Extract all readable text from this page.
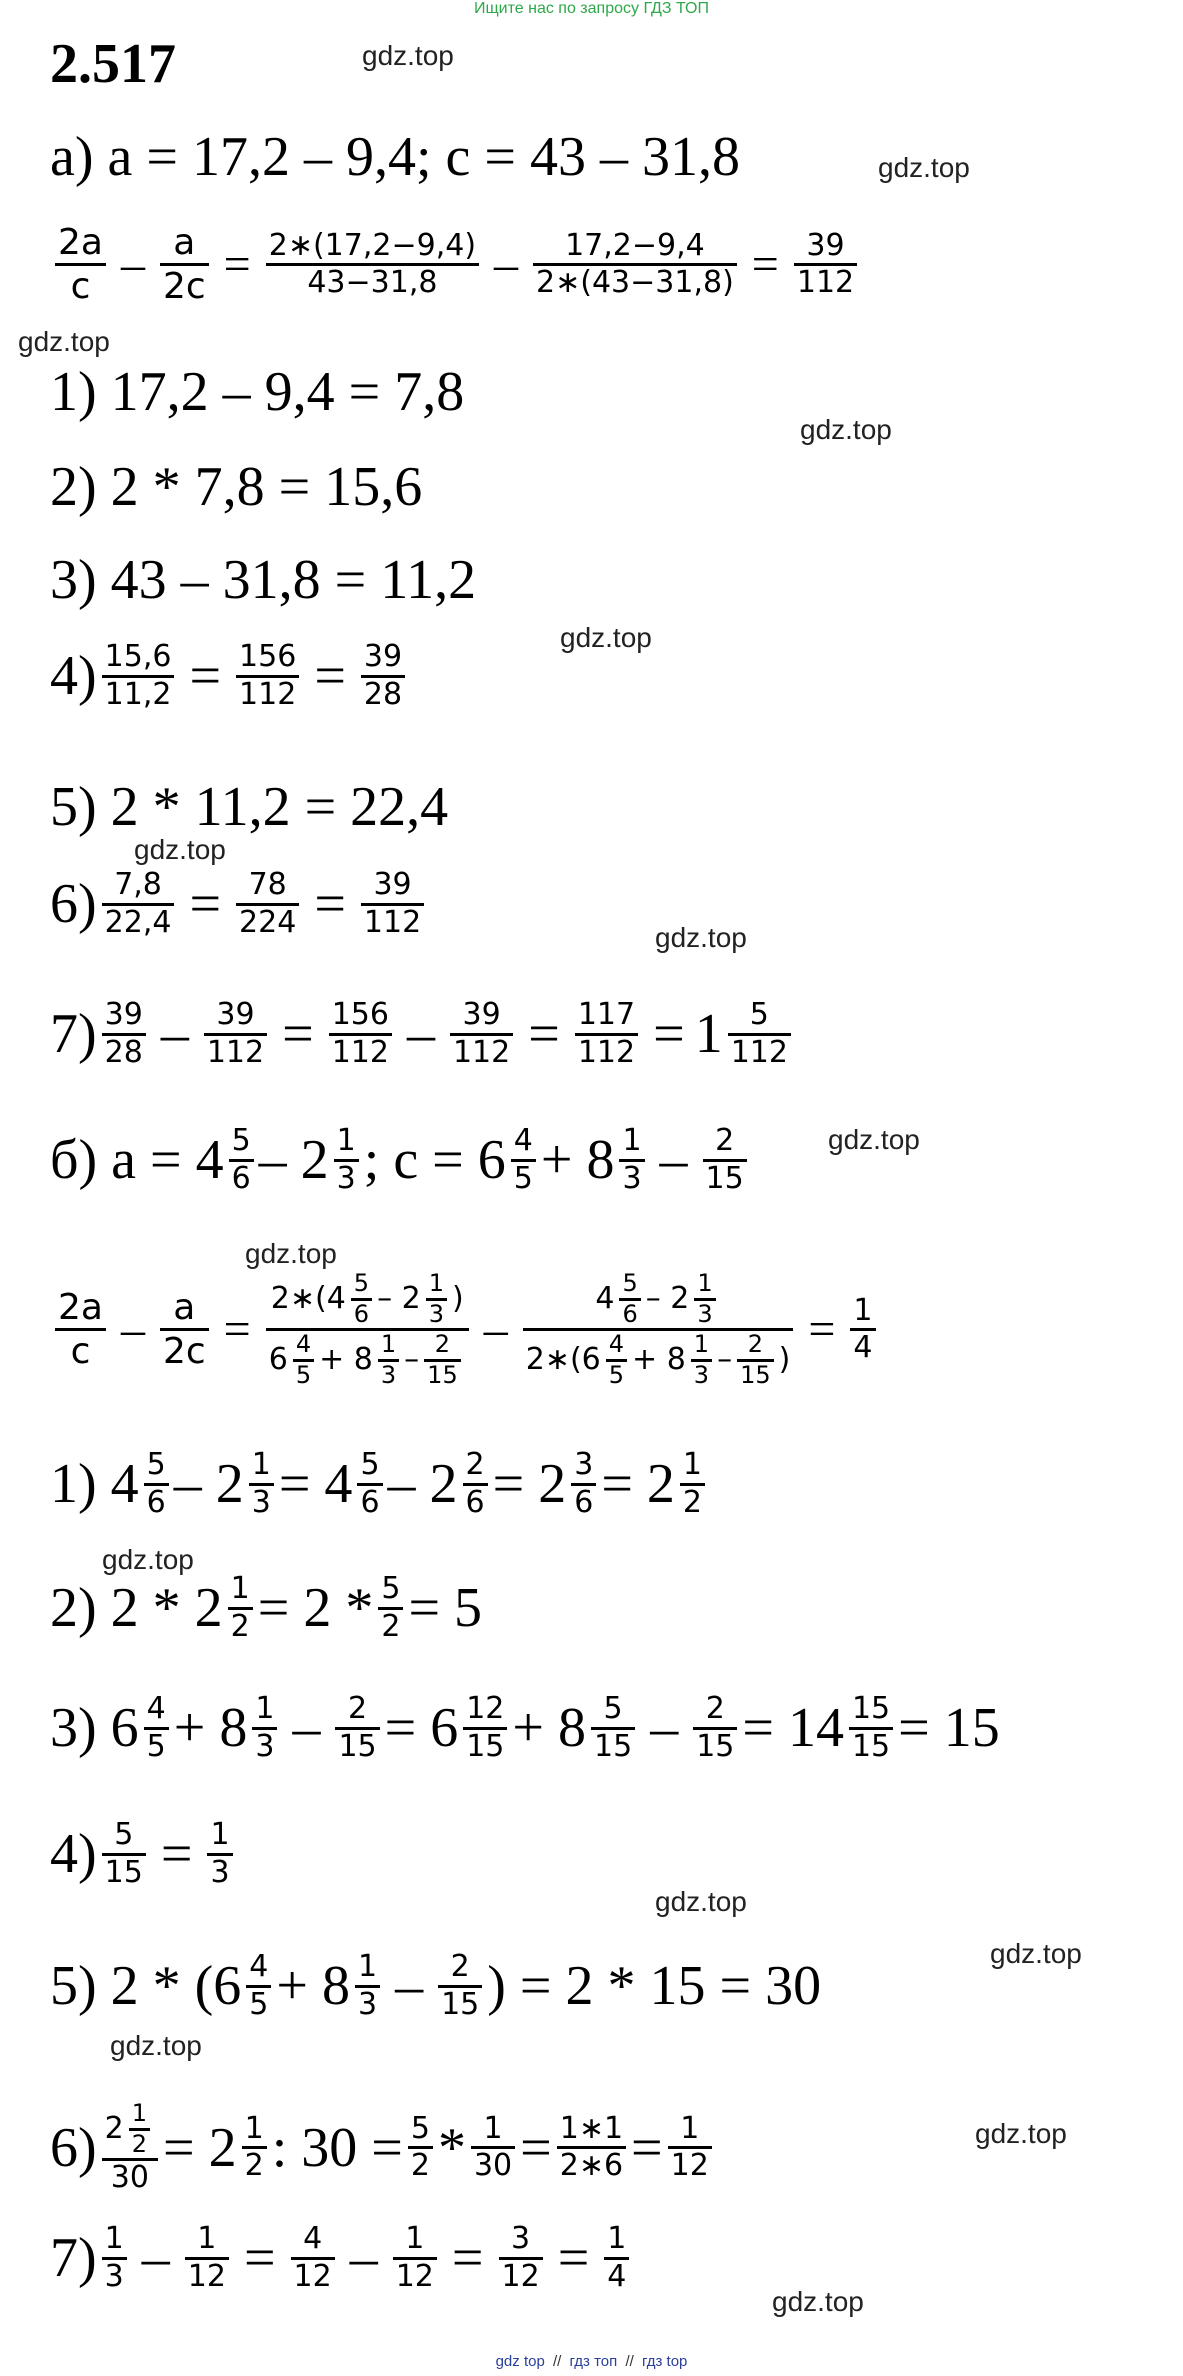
Ищите нас по запросу ГДЗ ТОП
2.517	gdz.top
gdz.top
gdz.top
gdz.top
gdz.top
gdz.top
gdz.top
gdz.top
gdz.top
gdz.top
gdz.top
gdz.top
gdz.top
gdz.top
gdz.top
а)
a = 17,2 – 9,4; c = 43 – 31,8
$\frac{2a}{c} - \frac{a}{2c} = \frac{2∗(17,2-9,4)}{43-31,8} - \frac{17,2-9,4}{2∗(43-31,8)} = \frac{39}{112}$
1) 17,2 – 9,4 = 7,8
2) 2 * 7,8 = 15,6
3) 43 – 31,8 = 11,2
$4) \frac{15,6}{11,2} = \frac{156}{112} = \frac{39}{28}$
5) 2 * 11,2 = 22,4
$6) \frac{7,8}{22,4} = \frac{78}{224} = \frac{39}{112}$
$7) \frac{39}{28} - \frac{39}{112} = \frac{156}{112} - \frac{39}{112} = \frac{117}{112} = 1 \frac{5}{112}$
б)
$a = 4 \frac{5}{6} - 2 \frac{1}{3}$ ; $c = 6 \frac{4}{5} + 8 \frac{1}{3} - \frac{2}{15}$
$\frac{2a}{c} - \frac{a}{2c} = \frac{2∗(4 \frac{5}{6} - 2 \frac{1}{3} )}{6 \frac{4}{5} + 8 \frac{1}{3} - \frac{2}{15}}$ –
$4 \frac{5}{6} - 2 \frac{1}{3}$
2∗(6 $\frac{4}{5} + 8 \frac{1}{3} - \frac{2}{15}$ )
= $\frac{1}{4}$
1) $4 \frac{5}{6} - 2 \frac{1}{3} = 4 \frac{5}{6} - 2 \frac{2}{6} = 2 \frac{3}{6} = 2 \frac{1}{2}$
2) $2 * 2 \frac{1}{2} = 2 * \frac{5}{2} = 5$
3) $6 \frac{4}{5} + 8 \frac{1}{3} - \frac{2}{15} = 6 \frac{12}{15} + 8 \frac{5}{15} - \frac{2}{15} = 14 \frac{15}{15} = 15$
$4) \frac{5}{15} = \frac{1}{3}$
5) $2 * (6 \frac{4}{5} + 8 \frac{1}{3} - \frac{2}{15}$ ) = 2 * 15 = 30
$6) \frac{2 \frac{1}{2}}{30} = 2 \frac{1}{2}$ : $30 = \frac{5}{2} * \frac{1}{30} = \frac{1∗1}{2∗6} = \frac{1}{12}$
$7) \frac{1}{3} - \frac{1}{12} = \frac{4}{12} - \frac{1}{12} = \frac{3}{12} = \frac{1}{4}$
gdz top // гдз топ // гдз top
